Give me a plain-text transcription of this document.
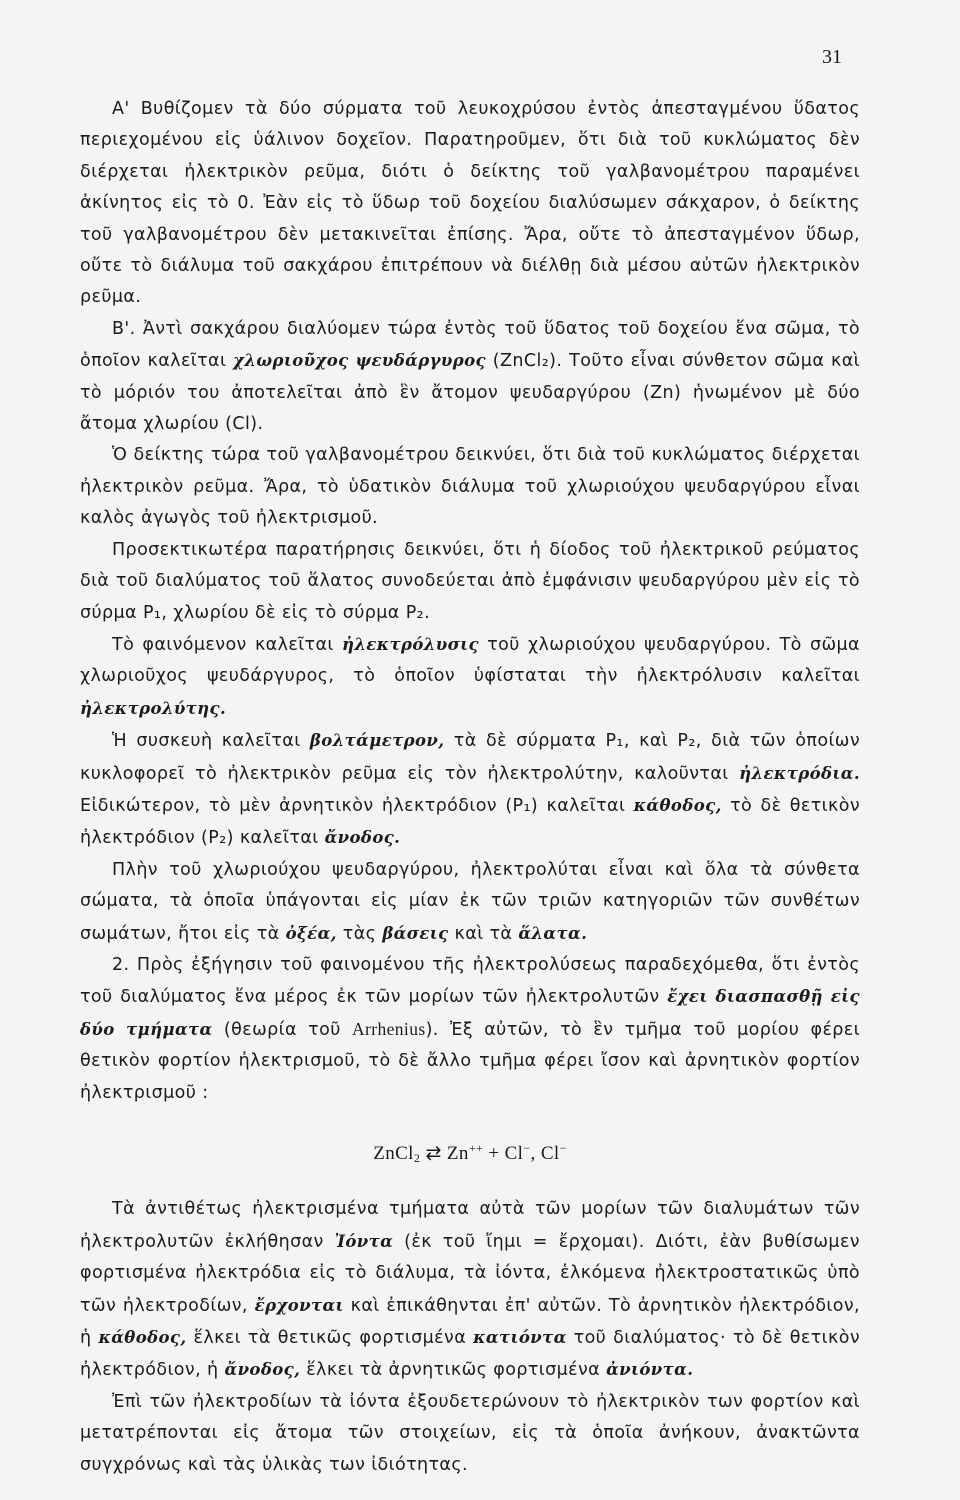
31

Α' Βυθίζομεν τὰ δύο σύρματα τοῦ λευκοχρύσου ἐντὸς ἀπεσταγμένου ὕδατος περιεχομένου εἰς ὑάλινον δοχεῖον. Παρατηροῦμεν, ὅτι διὰ τοῦ κυκλώματος δὲν διέρχεται ἠλεκτρικὸν ρεῦμα, διότι ὁ δείκτης τοῦ γαλβανομέτρου παραμένει ἀκίνητος εἰς τὸ 0. Ἐὰν εἰς τὸ ὕδωρ τοῦ δοχείου διαλύσωμεν σάκχαρον, ὁ δείκτης τοῦ γαλβανομέτρου δὲν μετακινεῖται ἐπίσης. Ἄρα, οὔτε τὸ ἀπεσταγμένον ὕδωρ, οὔτε τὸ διάλυμα τοῦ σακχάρου ἐπιτρέπουν νὰ διέλθῃ διὰ μέσου αὐτῶν ἠλεκτρικὸν ρεῦμα.

Β'. Ἀντὶ σακχάρου διαλύομεν τώρα ἐντὸς τοῦ ὕδατος τοῦ δοχείου ἕνα σῶμα, τὸ ὁποῖον καλεῖται χλωριοῦχος ψευδάργυρος (ZnCl₂). Τοῦτο εἶναι σύνθετον σῶμα καὶ τὸ μόριόν του ἀποτελεῖται ἀπὸ ἓν ἄτομον ψευδαργύρου (Zn) ἡνωμένον μὲ δύο ἄτομα χλωρίου (Cl).

Ὁ δείκτης τώρα τοῦ γαλβανομέτρου δεικνύει, ὅτι διὰ τοῦ κυκλώματος διέρχεται ἠλεκτρικὸν ρεῦμα. Ἄρα, τὸ ὑδατικὸν διάλυμα τοῦ χλωριούχου ψευδαργύρου εἶναι καλὸς ἀγωγὸς τοῦ ἠλεκτρισμοῦ.

Προσεκτικωτέρα παρατήρησις δεικνύει, ὅτι ἡ δίοδος τοῦ ἠλεκτρικοῦ ρεύματος διὰ τοῦ διαλύματος τοῦ ἅλατος συνοδεύεται ἀπὸ ἐμφάνισιν ψευδαργύρου μὲν εἰς τὸ σύρμα P₁, χλωρίου δὲ εἰς τὸ σύρμα P₂.

Τὸ φαινόμενον καλεῖται ἠλεκτρόλυσις τοῦ χλωριούχου ψευδαργύρου. Τὸ σῶμα χλωριοῦχος ψευδάργυρος, τὸ ὁποῖον ὑφίσταται τὴν ἠλεκτρόλυσιν καλεῖται ἠλεκτρολύτης.

Ἡ συσκευὴ καλεῖται βολτάμετρον, τὰ δὲ σύρματα P₁, καὶ P₂, διὰ τῶν ὁποίων κυκλοφορεῖ τὸ ἠλεκτρικὸν ρεῦμα εἰς τὸν ἠλεκτρολύτην, καλοῦνται ἠλεκτρόδια. Εἰδικώτερον, τὸ μὲν ἀρνητικὸν ἠλεκτρόδιον (P₁) καλεῖται κάθοδος, τὸ δὲ θετικὸν ἠλεκτρόδιον (P₂) καλεῖται ἄνοδος.

Πλὴν τοῦ χλωριούχου ψευδαργύρου, ἠλεκτρολύται εἶναι καὶ ὅλα τὰ σύνθετα σώματα, τὰ ὁποῖα ὑπάγονται εἰς μίαν ἐκ τῶν τριῶν κατηγοριῶν τῶν συνθέτων σωμάτων, ἤτοι εἰς τὰ ὀξέα, τὰς βάσεις καὶ τὰ ἅλατα.

2. Πρὸς ἐξήγησιν τοῦ φαινομένου τῆς ἠλεκτρολύσεως παραδεχόμεθα, ὅτι ἐντὸς τοῦ διαλύματος ἕνα μέρος ἐκ τῶν μορίων τῶν ἠλεκτρολυτῶν ἔχει διασπασθῇ εἰς δύο τμήματα (θεωρία τοῦ Arrhenius). Ἐξ αὐτῶν, τὸ ἓν τμῆμα τοῦ μορίου φέρει θετικὸν φορτίον ἠλεκτρισμοῦ, τὸ δὲ ἄλλο τμῆμα φέρει ἴσον καὶ ἀρνητικὸν φορτίον ἠλεκτρισμοῦ :

ZnCl$_2$ ⇄ Zn++ + Cl−, Cl−

Τὰ ἀντιθέτως ἠλεκτρισμένα τμήματα αὐτὰ τῶν μορίων τῶν διαλυμάτων τῶν ἠλεκτρολυτῶν ἐκλήθησαν Ἰόντα (ἐκ τοῦ ἴημι = ἔρχομαι). Διότι, ἐὰν βυθίσωμεν φορτισμένα ἠλεκτρόδια εἰς τὸ διάλυμα, τὰ ἰόντα, ἑλκόμενα ἠλεκτροστατικῶς ὑπὸ τῶν ἠλεκτροδίων, ἔρχονται καὶ ἐπικάθηνται ἐπ' αὐτῶν. Τὸ ἀρνητικὸν ἠλεκτρόδιον, ἡ κάθοδος, ἕλκει τὰ θετικῶς φορτισμένα κατιόντα τοῦ διαλύματος· τὸ δὲ θετικὸν ἠλεκτρόδιον, ἡ ἄνοδος, ἕλκει τὰ ἀρνητικῶς φορτισμένα ἀνιόντα.

Ἐπὶ τῶν ἠλεκτροδίων τὰ ἰόντα ἐξουδετερώνουν τὸ ἠλεκτρικὸν των φορτίον καὶ μετατρέπονται εἰς ἄτομα τῶν στοιχείων, εἰς τὰ ὁποῖα ἀνήκουν, ἀνακτῶντα συγχρόνως καὶ τὰς ὑλικὰς των ἰδιότητας.
